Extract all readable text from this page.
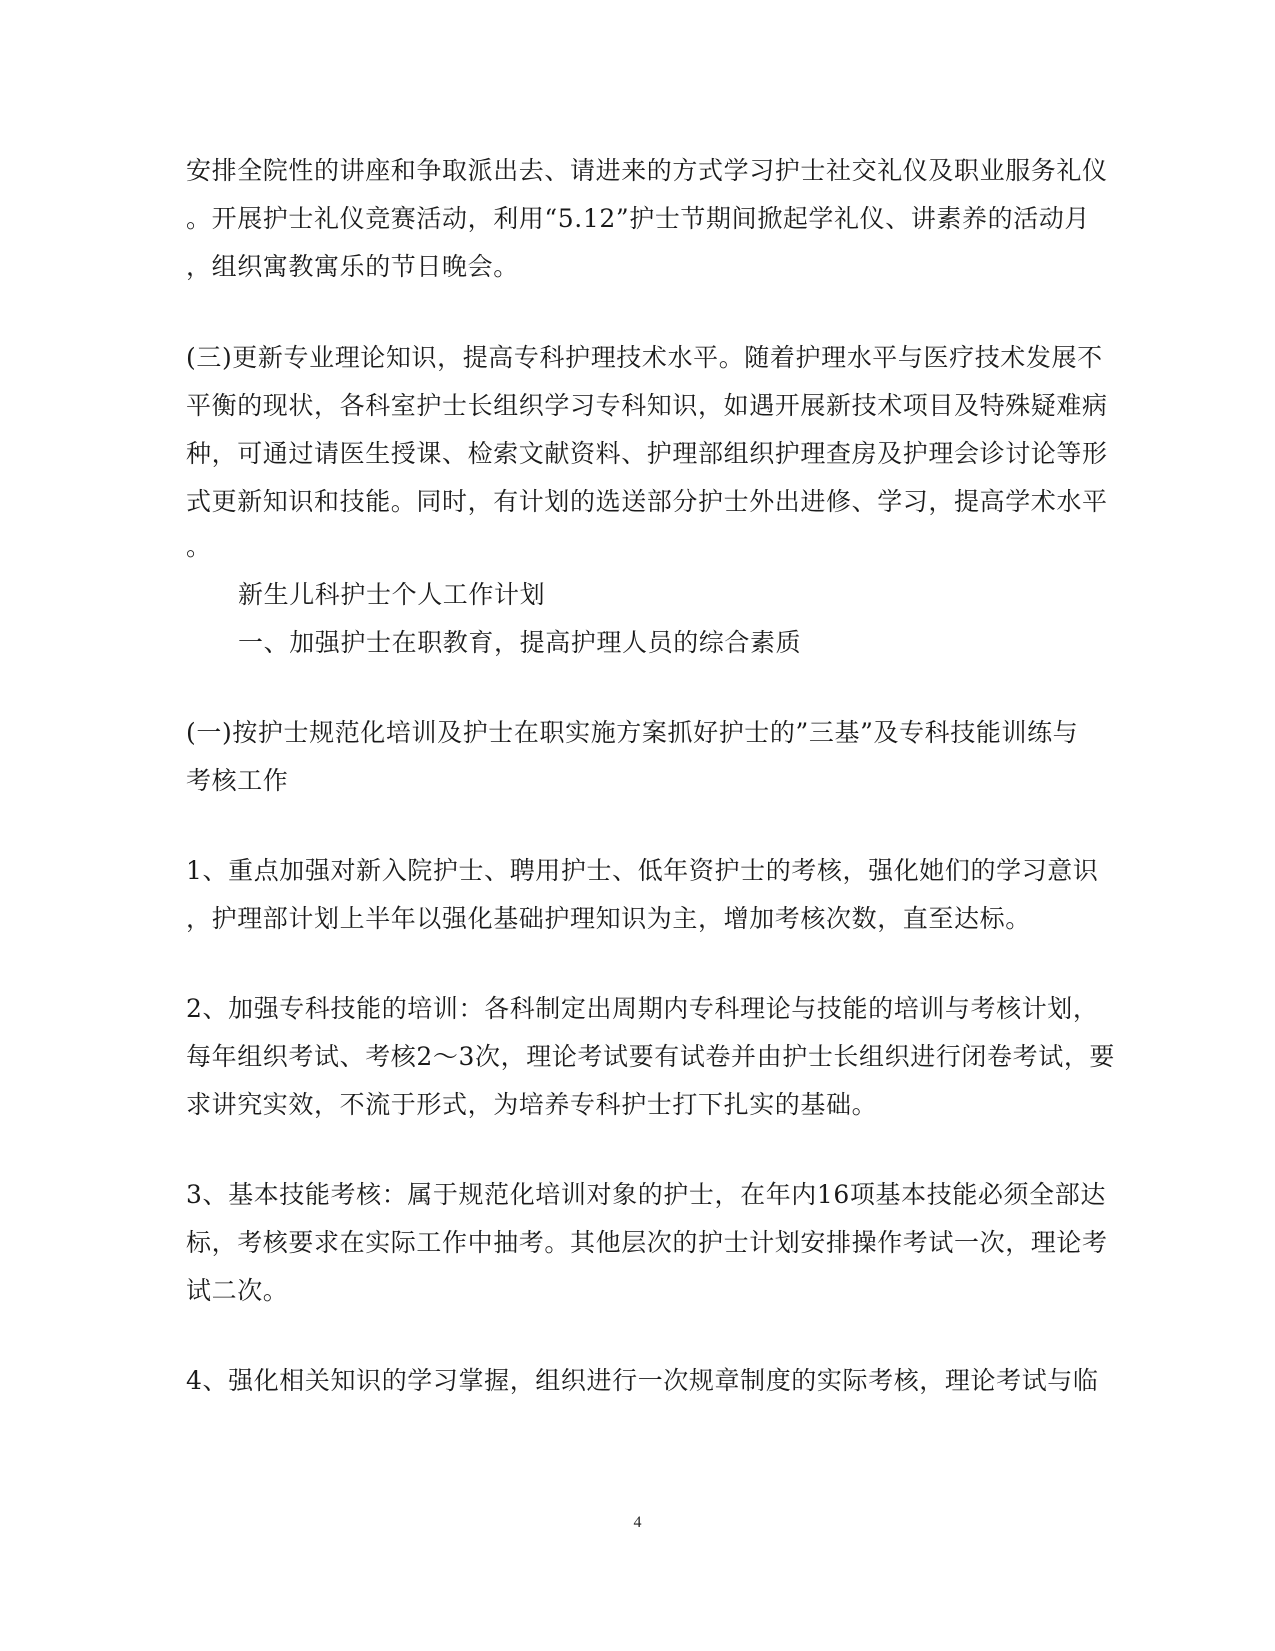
安排全院性的讲座和争取派出去、请进来的方式学习护士社交礼仪及职业服务礼仪
。开展护士礼仪竞赛活动，利用“5.12”护士节期间掀起学礼仪、讲素养的活动月
，组织寓教寓乐的节日晚会。
(三)更新专业理论知识，提高专科护理技术水平。随着护理水平与医疗技术发展不
平衡的现状，各科室护士长组织学习专科知识，如遇开展新技术项目及特殊疑难病
种，可通过请医生授课、检索文献资料、护理部组织护理查房及护理会诊讨论等形
式更新知识和技能。同时，有计划的选送部分护士外出进修、学习，提高学术水平
。
新生儿科护士个人工作计划
一、加强护士在职教育，提高护理人员的综合素质
(一)按护士规范化培训及护士在职实施方案抓好护士的”三基”及专科技能训练与
考核工作
1、重点加强对新入院护士、聘用护士、低年资护士的考核，强化她们的学习意识
，护理部计划上半年以强化基础护理知识为主，增加考核次数，直至达标。
2、加强专科技能的培训：各科制定出周期内专科理论与技能的培训与考核计划，
每年组织考试、考核2～3次，理论考试要有试卷并由护士长组织进行闭卷考试，要
求讲究实效，不流于形式，为培养专科护士打下扎实的基础。
3、基本技能考核：属于规范化培训对象的护士，在年内16项基本技能必须全部达
标，考核要求在实际工作中抽考。其他层次的护士计划安排操作考试一次，理论考
试二次。
4、强化相关知识的学习掌握，组织进行一次规章制度的实际考核，理论考试与临
4
